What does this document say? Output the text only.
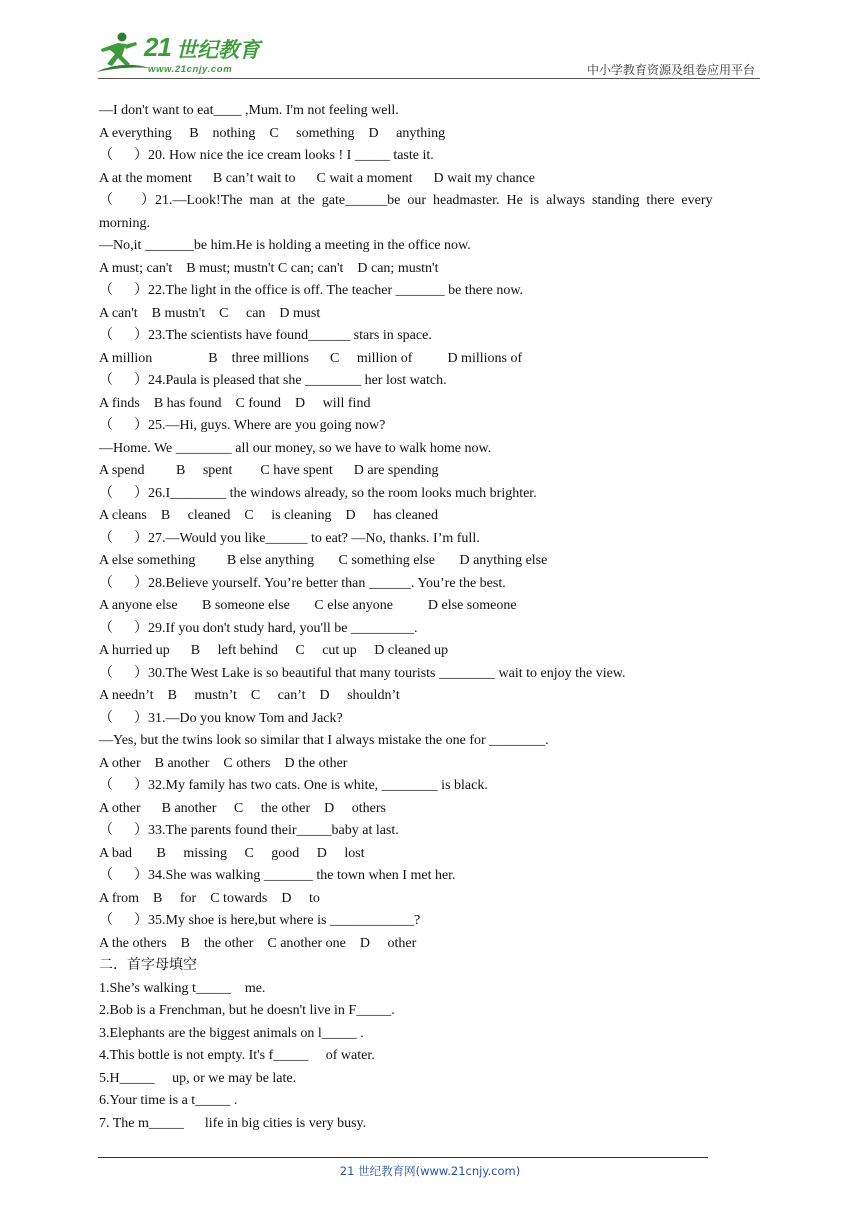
21 世纪教育
www.21cnjy.com	中小学教育资源及组卷应用平台
—I don't want to eat____ ,Mum. I'm not feeling well.
A everything     B    nothing    C     something    D     anything
（      ）20. How nice the ice cream looks ! I _____ taste it.
A at the moment      B can’t wait to      C wait a moment      D wait my chance
（        ）21.—Look!The  man  at  the  gate______be  our  headmaster.  He  is  always  standing  there  every
morning.
—No,it _______be him.He is holding a meeting in the office now.
A must; can't    B must; mustn't C can; can't    D can; mustn't
（      ）22.The light in the office is off. The teacher _______ be there now.
A can't    B mustn't    C     can    D must
（      ）23.The scientists have found______ stars in space.
A million                B    three millions      C     million of          D millions of
（      ）24.Paula is pleased that she ________ her lost watch.
A finds    B has found    C found    D     will find
（      ）25.—Hi, guys. Where are you going now?
—Home. We ________ all our money, so we have to walk home now.
A spend         B     spent        C have spent      D are spending
（      ）26.I________ the windows already, so the room looks much brighter.
A cleans    B     cleaned    C     is cleaning    D     has cleaned
（      ）27.—Would you like______ to eat? —No, thanks. I’m full.
A else something         B else anything       C something else       D anything else
（      ）28.Believe yourself. You’re better than ______. You’re the best.
A anyone else       B someone else       C else anyone          D else someone
（      ）29.If you don't study hard, you'll be _________.
A hurried up      B     left behind     C     cut up     D cleaned up
（      ）30.The West Lake is so beautiful that many tourists ________ wait to enjoy the view.
A needn’t    B     mustn’t    C     can’t    D     shouldn’t
（      ）31.—Do you know Tom and Jack?
—Yes, but the twins look so similar that I always mistake the one for ________.
A other    B another    C others    D the other
（      ）32.My family has two cats. One is white, ________ is black.
A other      B another     C     the other    D     others
（      ）33.The parents found their_____baby at last.
A bad       B     missing     C     good     D     lost
（      ）34.She was walking _______ the town when I met her.
A from    B     for    C towards    D     to
（      ）35.My shoe is here,but where is ____________?
A the others    B    the other    C another one    D     other
二．首字母填空
1.She’s walking t_____    me.
2.Bob is a Frenchman, but he doesn't live in F_____.
3.Elephants are the biggest animals on l_____ .
4.This bottle is not empty. It's f_____     of water.
5.H_____     up, or we may be late.
6.Your time is a t_____ .
7. The m_____      life in big cities is very busy.
21 世纪教育网(www.21cnjy.com)
